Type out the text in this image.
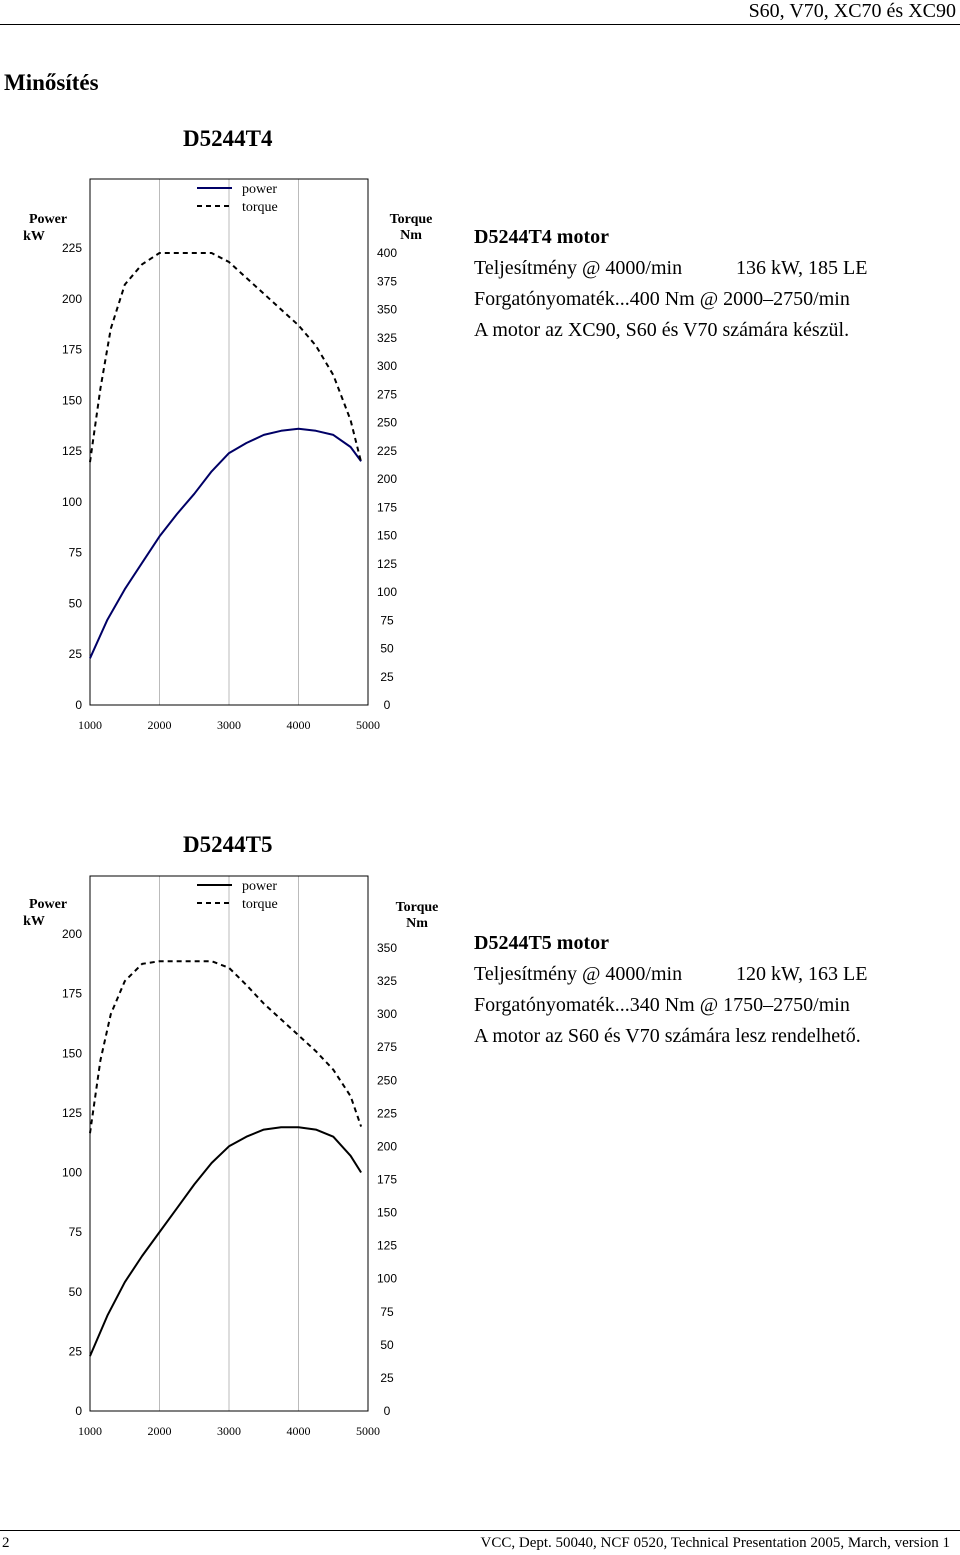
S60, V70, XC70 és XC90
Minősítés
D5244T4
0
25
50
75
100
125
150
175
200
225
0
25
50
75
100
125
150
175
200
225
250
275
300
325
350
375
400
1000	2000	3000	4000	5000
Power
kW
Torque
Nm
power
torque
D5244T4 motor
Teljesítmény @ 4000/min	136 kW, 185 LE
Forgatónyomaték...400 Nm @ 2000–2750/min
A motor az XC90, S60 és V70 számára készül.
D5244T5
0
25
50
75
100
125
150
175
200
0
25
50
75
100
125
150
175
200
225
250
275
300
325
350
1000	2000	3000	4000	5000
Power
kW
Torque
Nm
power
torque
D5244T5 motor
Teljesítmény @ 4000/min	120 kW, 163 LE
Forgatónyomaték...340 Nm @ 1750–2750/min
A motor az S60 és V70 számára lesz rendelhető.
2	VCC, Dept. 50040, NCF 0520, Technical Presentation 2005, March, version 1
